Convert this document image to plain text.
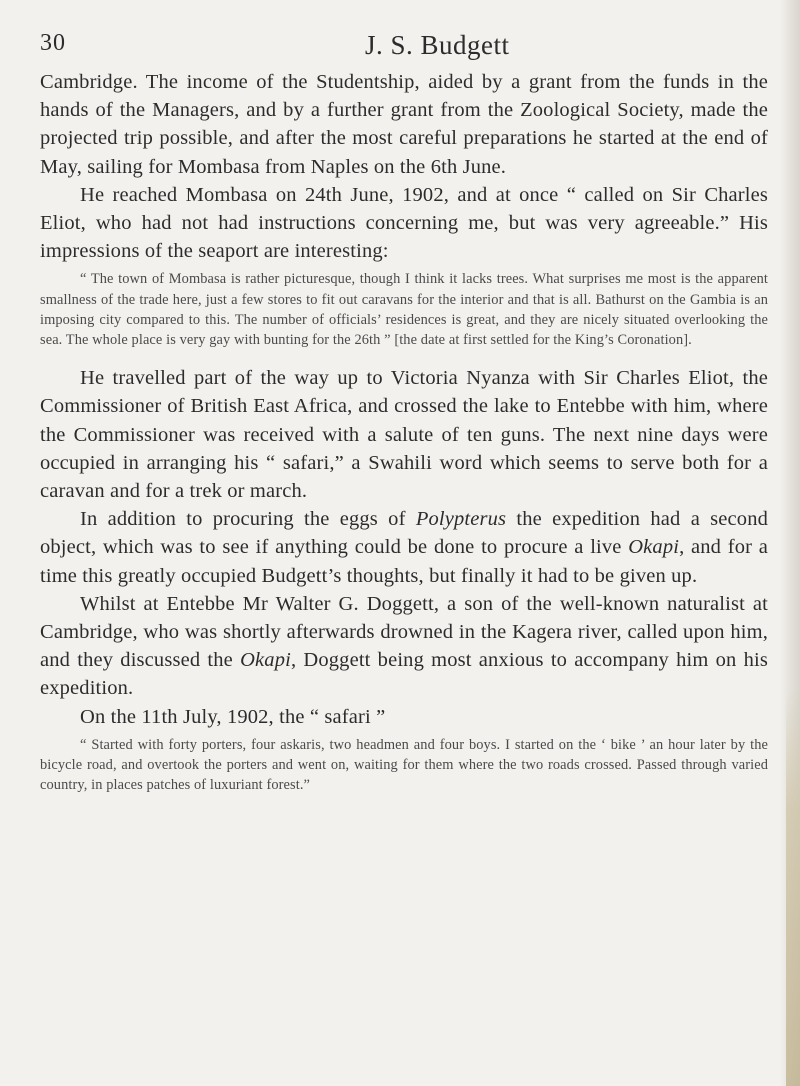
30	J. S. Budgett

Cambridge. The income of the Studentship, aided by a grant from the funds in the hands of the Managers, and by a further grant from the Zoological Society, made the projected trip possible, and after the most careful preparations he started at the end of May, sailing for Mombasa from Naples on the 6th June.

He reached Mombasa on 24th June, 1902, and at once “ called on Sir Charles Eliot, who had not had instructions concerning me, but was very agreeable.” His impressions of the seaport are interesting:

“ The town of Mombasa is rather picturesque, though I think it lacks trees. What surprises me most is the apparent smallness of the trade here, just a few stores to fit out caravans for the interior and that is all. Bathurst on the Gambia is an imposing city compared to this. The number of officials’ residences is great, and they are nicely situated overlooking the sea. The whole place is very gay with bunting for the 26th ” [the date at first settled for the King’s Coronation].

He travelled part of the way up to Victoria Nyanza with Sir Charles Eliot, the Commissioner of British East Africa, and crossed the lake to Entebbe with him, where the Commissioner was received with a salute of ten guns. The next nine days were occupied in arranging his “ safari,” a Swahili word which seems to serve both for a caravan and for a trek or march.

In addition to procuring the eggs of Polypterus the expedition had a second object, which was to see if anything could be done to procure a live Okapi, and for a time this greatly occupied Budgett’s thoughts, but finally it had to be given up.

Whilst at Entebbe Mr Walter G. Doggett, a son of the well-known naturalist at Cambridge, who was shortly afterwards drowned in the Kagera river, called upon him, and they discussed the Okapi, Doggett being most anxious to accompany him on his expedition.

On the 11th July, 1902, the “ safari ”

“ Started with forty porters, four askaris, two headmen and four boys. I started on the ‘ bike ’ an hour later by the bicycle road, and overtook the porters and went on, waiting for them where the two roads crossed. Passed through varied country, in places patches of luxuriant forest.”
